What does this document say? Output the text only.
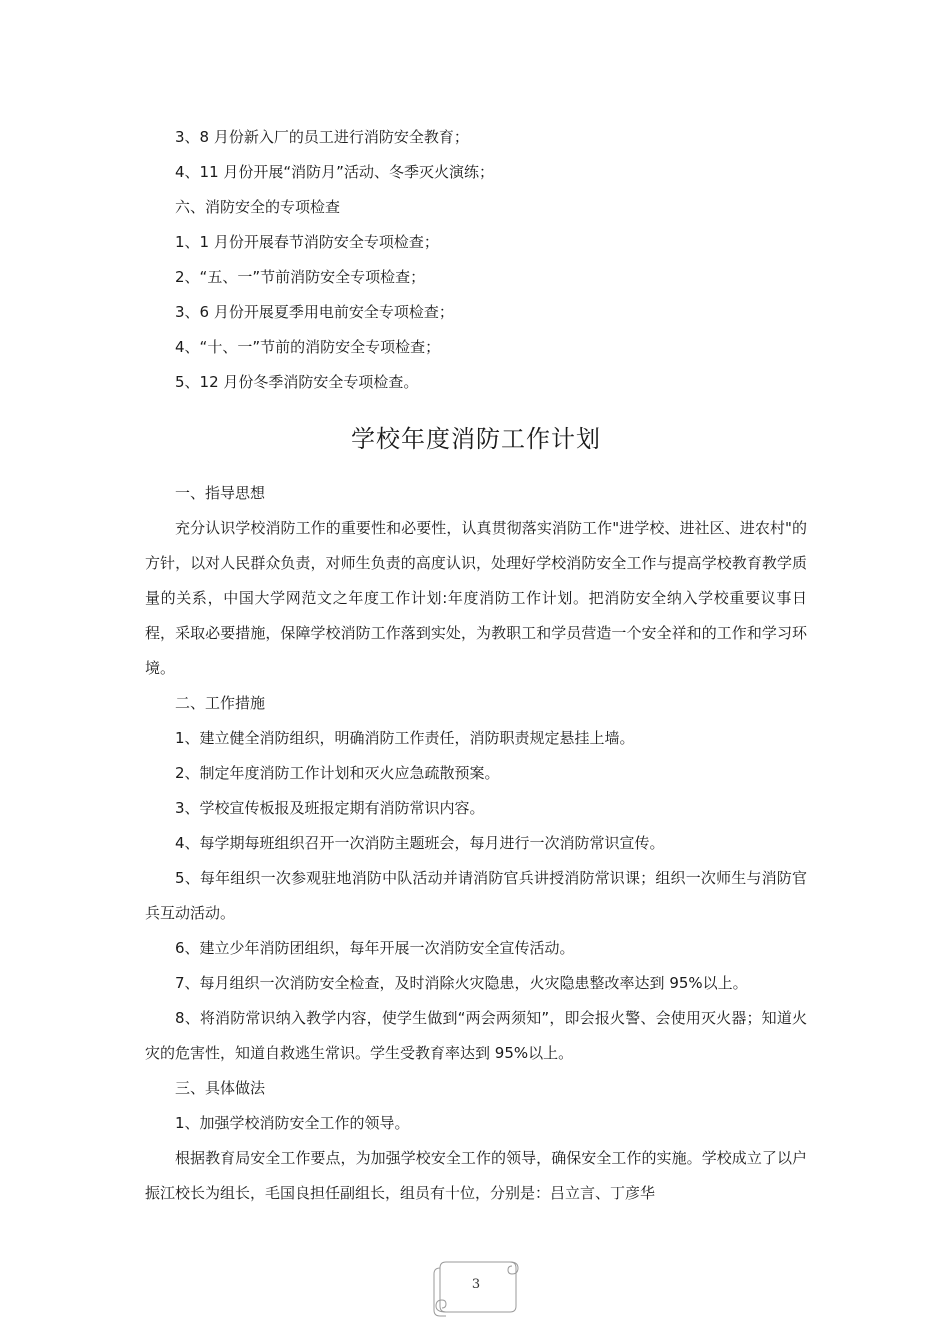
3、8 月份新入厂的员工进行消防安全教育；
4、11 月份开展“消防月”活动、冬季灭火演练；
六、消防安全的专项检查
1、1 月份开展春节消防安全专项检查；
2、“五、一”节前消防安全专项检查；
3、6 月份开展夏季用电前安全专项检查；
4、“十、一”节前的消防安全专项检查；
5、12 月份冬季消防安全专项检查。
学校年度消防工作计划
一、指导思想

充分认识学校消防工作的重要性和必要性，认真贯彻落实消防工作"进学校、进社区、进农村"的方针，以对人民群众负责，对师生负责的高度认识，处理好学校消防安全工作与提高学校教育教学质量的关系，中国大学网范文之年度工作计划:年度消防工作计划。把消防安全纳入学校重要议事日程，采取必要措施，保障学校消防工作落到实处，为教职工和学员营造一个安全祥和的工作和学习环境。

二、工作措施

1、建立健全消防组织，明确消防工作责任，消防职责规定悬挂上墙。

2、制定年度消防工作计划和灭火应急疏散预案。

3、学校宣传板报及班报定期有消防常识内容。

4、每学期每班组织召开一次消防主题班会，每月进行一次消防常识宣传。

5、每年组织一次参观驻地消防中队活动并请消防官兵讲授消防常识课；组织一次师生与消防官兵互动活动。

6、建立少年消防团组织，每年开展一次消防安全宣传活动。

7、每月组织一次消防安全检查，及时消除火灾隐患，火灾隐患整改率达到 95%以上。

8、将消防常识纳入教学内容，使学生做到“两会两须知”，即会报火警、会使用灭火器；知道火灾的危害性，知道自救逃生常识。学生受教育率达到 95%以上。

三、具体做法
1、加强学校消防安全工作的领导。

根据教育局安全工作要点，为加强学校安全工作的领导，确保安全工作的实施。学校成立了以户振江校长为组长，毛国良担任副组长，组员有十位，分别是：吕立言、丁彦华

3
